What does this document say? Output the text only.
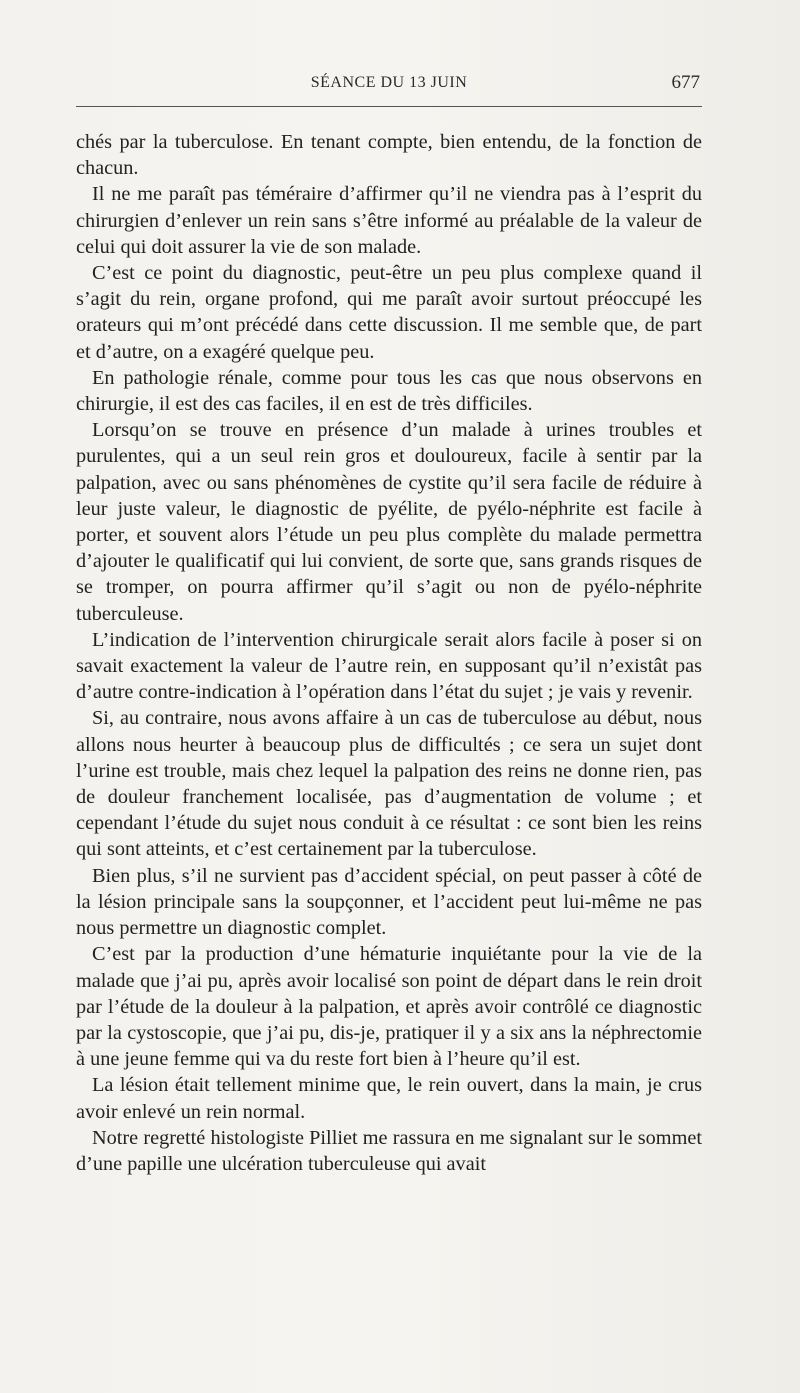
SÉANCE DU 13 JUIN	677

chés par la tuberculose. En tenant compte, bien entendu, de la fonction de chacun.

Il ne me paraît pas téméraire d’affirmer qu’il ne viendra pas à l’esprit du chirurgien d’enlever un rein sans s’être informé au préalable de la valeur de celui qui doit assurer la vie de son malade.

C’est ce point du diagnostic, peut-être un peu plus complexe quand il s’agit du rein, organe profond, qui me paraît avoir surtout préoccupé les orateurs qui m’ont précédé dans cette discussion. Il me semble que, de part et d’autre, on a exagéré quelque peu.

En pathologie rénale, comme pour tous les cas que nous observons en chirurgie, il est des cas faciles, il en est de très difficiles.

Lorsqu’on se trouve en présence d’un malade à urines troubles et purulentes, qui a un seul rein gros et douloureux, facile à sentir par la palpation, avec ou sans phénomènes de cystite qu’il sera facile de réduire à leur juste valeur, le diagnostic de pyélite, de pyélo-néphrite est facile à porter, et souvent alors l’étude un peu plus complète du malade permettra d’ajouter le qualificatif qui lui convient, de sorte que, sans grands risques de se tromper, on pourra affirmer qu’il s’agit ou non de pyélo-néphrite tuberculeuse.

L’indication de l’intervention chirurgicale serait alors facile à poser si on savait exactement la valeur de l’autre rein, en supposant qu’il n’existât pas d’autre contre-indication à l’opération dans l’état du sujet ; je vais y revenir.

Si, au contraire, nous avons affaire à un cas de tuberculose au début, nous allons nous heurter à beaucoup plus de difficultés ; ce sera un sujet dont l’urine est trouble, mais chez lequel la palpation des reins ne donne rien, pas de douleur franchement localisée, pas d’augmentation de volume ; et cependant l’étude du sujet nous conduit à ce résultat : ce sont bien les reins qui sont atteints, et c’est certainement par la tuberculose.

Bien plus, s’il ne survient pas d’accident spécial, on peut passer à côté de la lésion principale sans la soupçonner, et l’accident peut lui-même ne pas nous permettre un diagnostic complet.

C’est par la production d’une hématurie inquiétante pour la vie de la malade que j’ai pu, après avoir localisé son point de départ dans le rein droit par l’étude de la douleur à la palpation, et après avoir contrôlé ce diagnostic par la cystoscopie, que j’ai pu, dis-je, pratiquer il y a six ans la néphrectomie à une jeune femme qui va du reste fort bien à l’heure qu’il est.

La lésion était tellement minime que, le rein ouvert, dans la main, je crus avoir enlevé un rein normal.

Notre regretté histologiste Pilliet me rassura en me signalant sur le sommet d’une papille une ulcération tuberculeuse qui avait
